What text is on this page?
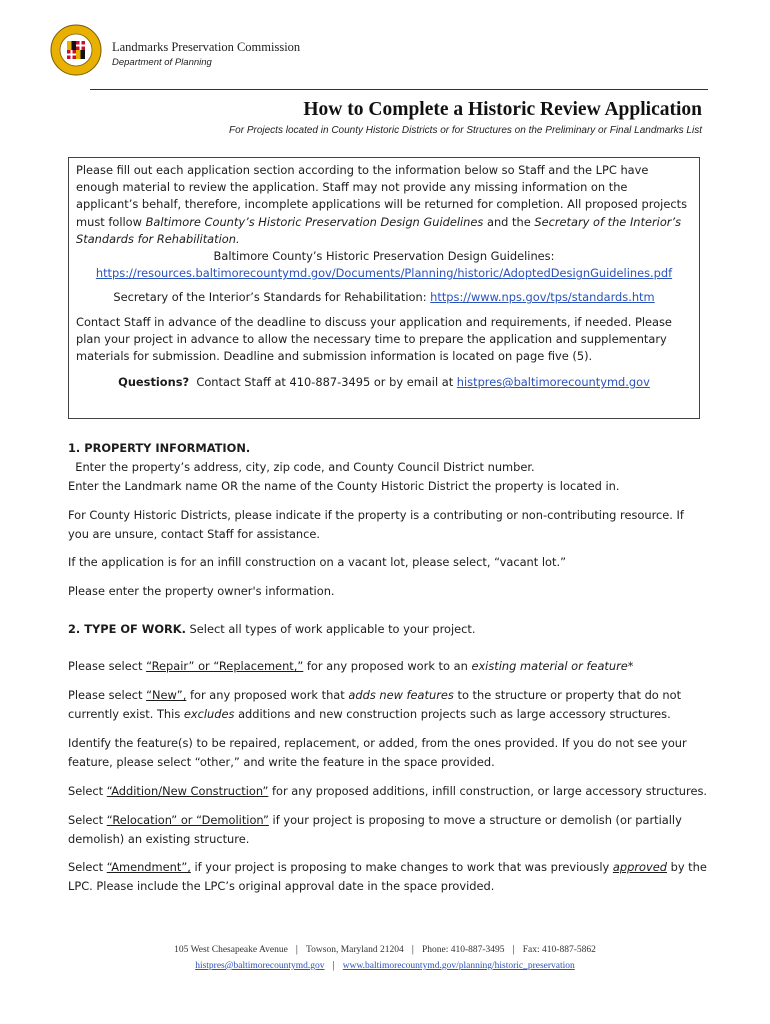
Landmarks Preservation Commission
Department of Planning
How to Complete a Historic Review Application
For Projects located in County Historic Districts or for Structures on the Preliminary or Final Landmarks List

Please fill out each application section according to the information below so Staff and the LPC have enough material to review the application. Staff may not provide any missing information on the applicant’s behalf, therefore, incomplete applications will be returned for completion. All proposed projects must follow Baltimore County’s Historic Preservation Design Guidelines and the Secretary of the Interior’s Standards for Rehabilitation.

Baltimore County’s Historic Preservation Design Guidelines:

https://resources.baltimorecountymd.gov/Documents/Planning/historic/AdoptedDesignGuidelines.pdf

Secretary of the Interior’s Standards for Rehabilitation: https://www.nps.gov/tps/standards.htm

Contact Staff in advance of the deadline to discuss your application and requirements, if needed. Please plan your project in advance to allow the necessary time to prepare the application and supplementary materials for submission. Deadline and submission information is located on page five (5).

Questions?  Contact Staff at 410-887-3495 or by email at histpres@baltimorecountymd.gov

1. PROPERTY INFORMATION.  Enter the property’s address, city, zip code, and County Council District number.

Enter the Landmark name OR the name of the County Historic District the property is located in.

For County Historic Districts, please indicate if the property is a contributing or non-contributing resource. If you are unsure, contact Staff for assistance.

If the application is for an infill construction on a vacant lot, please select, “vacant lot.”

Please enter the property owner's information.

2. TYPE OF WORK. Select all types of work applicable to your project.

Please select “Repair” or “Replacement,” for any proposed work to an existing material or feature*

Please select “New”, for any proposed work that adds new features to the structure or property that do not currently exist. This excludes additions and new construction projects such as large accessory structures.

Identify the feature(s) to be repaired, replacement, or added, from the ones provided. If you do not see your feature, please select “other,” and write the feature in the space provided.

Select “Addition/New Construction” for any proposed additions, infill construction, or large accessory structures.

Select “Relocation” or “Demolition” if your project is proposing to move a structure or demolish (or partially demolish) an existing structure.

Select “Amendment”, if your project is proposing to make changes to work that was previously approved by the LPC. Please include the LPC’s original approval date in the space provided.

105 West Chesapeake Avenue | Towson, Maryland 21204 | Phone: 410-887-3495 | Fax: 410-887-5862
histpres@baltimorecountymd.gov | www.baltimorecountymd.gov/planning/historic_preservation
